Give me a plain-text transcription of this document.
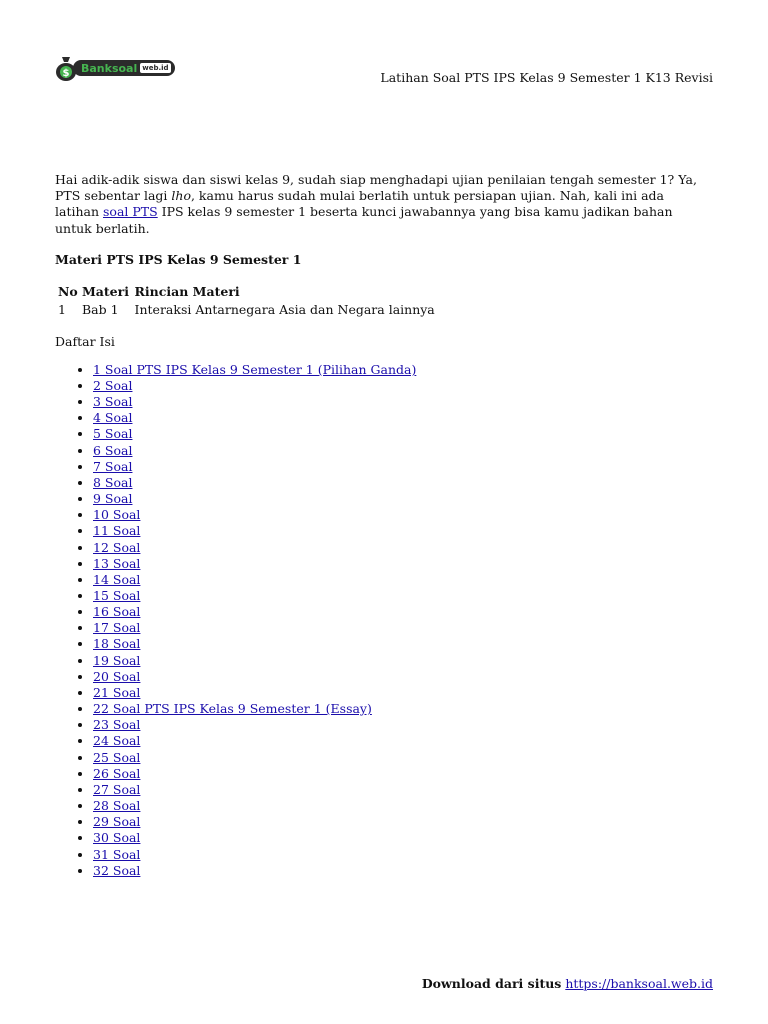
$ Banksoal web.id
Latihan Soal PTS IPS Kelas 9 Semester 1 K13 Revisi

Hai adik-adik siswa dan siswi kelas 9, sudah siap menghadapi ujian penilaian tengah semester 1? Ya, PTS sebentar lagi lho, kamu harus sudah mulai berlatih untuk persiapan ujian. Nah, kali ini ada latihan soal PTS IPS kelas 9 semester 1 beserta kunci jawabannya yang bisa kamu jadikan bahan untuk berlatih.

Materi PTS IPS Kelas 9 Semester 1
No	Materi	Rincian Materi
1	Bab 1	Interaksi Antarnegara Asia dan Negara lainnya
Daftar Isi
• 1 Soal PTS IPS Kelas 9 Semester 1 (Pilihan Ganda)
• 2 Soal
• 3 Soal
• 4 Soal
• 5 Soal
• 6 Soal
• 7 Soal
• 8 Soal
• 9 Soal
• 10 Soal
• 11 Soal
• 12 Soal
• 13 Soal
• 14 Soal
• 15 Soal
• 16 Soal
• 17 Soal
• 18 Soal
• 19 Soal
• 20 Soal
• 21 Soal
• 22 Soal PTS IPS Kelas 9 Semester 1 (Essay)
• 23 Soal
• 24 Soal
• 25 Soal
• 26 Soal
• 27 Soal
• 28 Soal
• 29 Soal
• 30 Soal
• 31 Soal
• 32 Soal
Download dari situs https://banksoal.web.id
